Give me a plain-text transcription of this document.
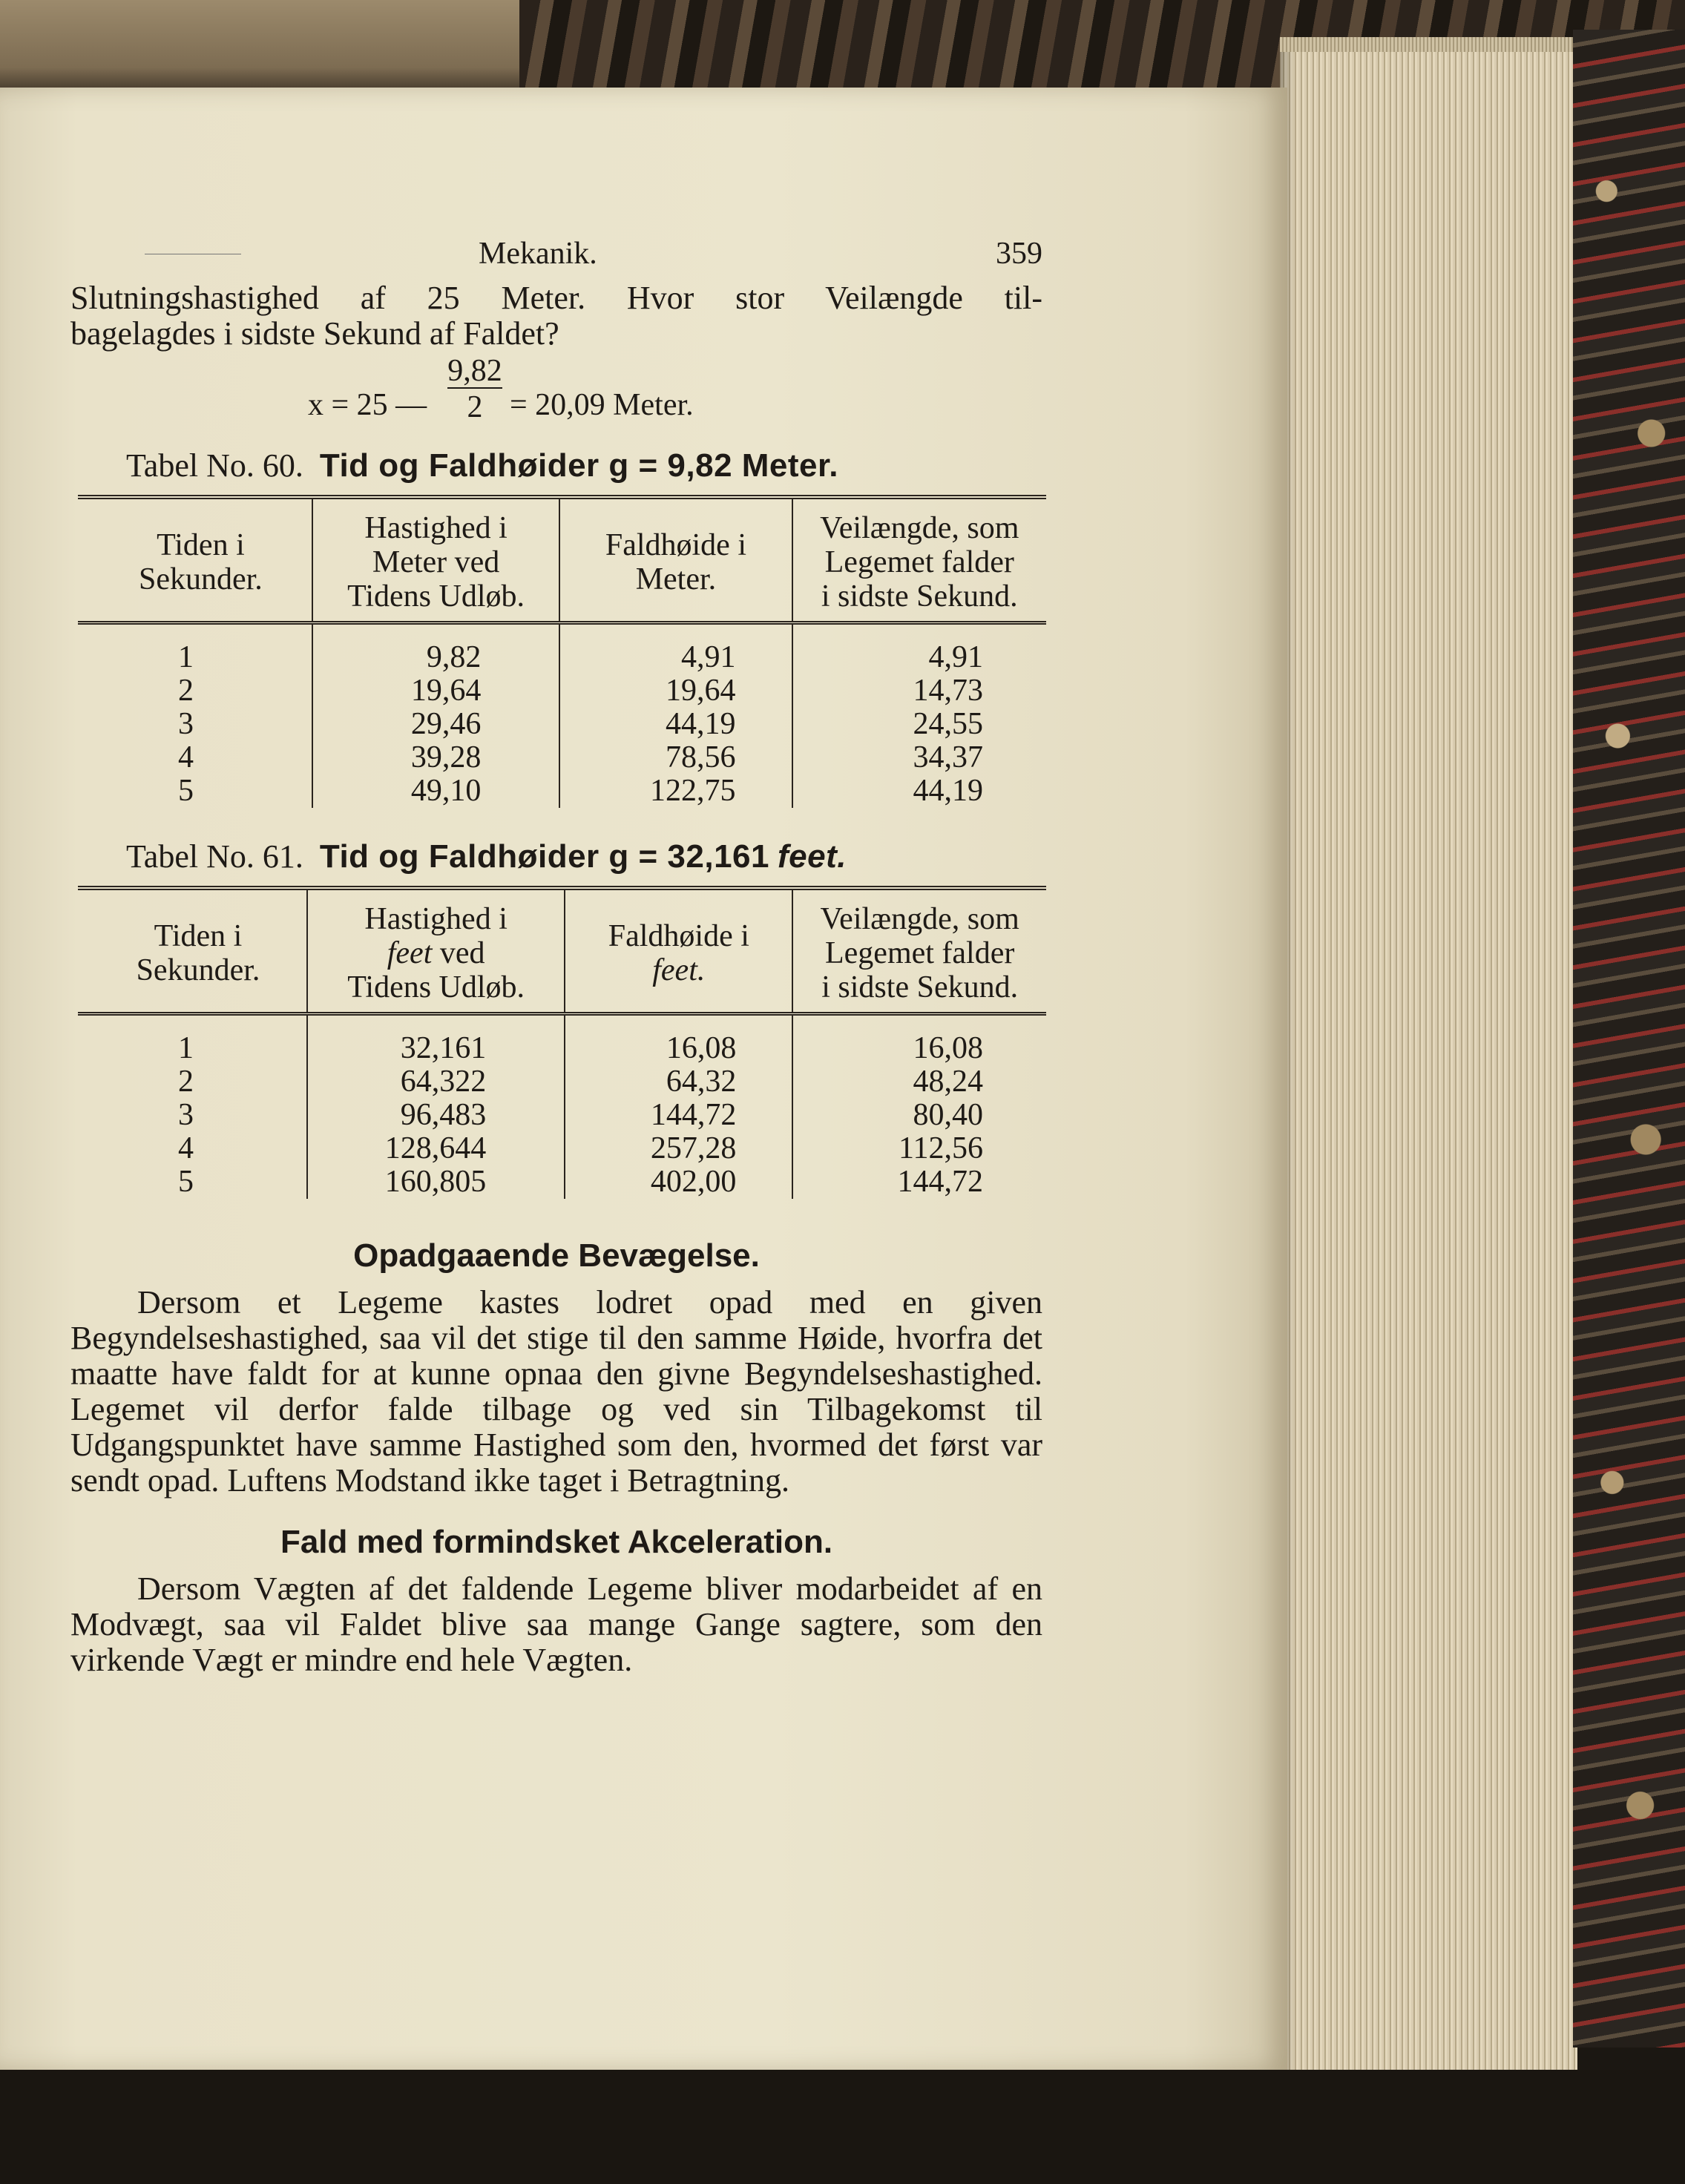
Mekanik.	359

Slutningshastighed af 25 Meter. Hvor stor Veilængde til-

bagelagdes i sidste Sekund af Faldet?

x = 25 — $\frac{9,82}{2} = 20,09$ Meter.
Tabel No. 60. Tid og Faldhøider g = 9,82 Meter.
Tiden i
Sekunder.	Hastighed i
Meter ved
Tidens Udløb.	Faldhøide i
Meter.	Veilængde, som
Legemet falder
i sidste Sekund.
1	9,82	4,91	4,91
2	19,64	19,64	14,73
3	29,46	44,19	24,55
4	39,28	78,56	34,37
5	49,10	122,75	44,19
Tabel No. 61. Tid og Faldhøider g = 32,161 feet.
Tiden i
Sekunder.	Hastighed i
feet ved
Tidens Udløb.	Faldhøide i
feet.	Veilængde, som
Legemet falder
i sidste Sekund.
1	32,161	16,08	16,08
2	64,322	64,32	48,24
3	96,483	144,72	80,40
4	128,644	257,28	112,56
5	160,805	402,00	144,72
Opadgaaende Bevægelse.

Dersom et Legeme kastes lodret opad med en given Begyndelseshastighed, saa vil det stige til den samme Høide, hvorfra det maatte have faldt for at kunne opnaa den givne Begyndelseshastighed. Legemet vil derfor falde tilbage og ved sin Tilbagekomst til Udgangspunktet have samme Hastighed som den, hvormed det først var sendt opad. Luftens Modstand ikke taget i Betragtning.

Fald med formindsket Akceleration.

Dersom Vægten af det faldende Legeme bliver modarbeidet af en Modvægt, saa vil Faldet blive saa mange Gange sagtere, som den virkende Vægt er mindre end hele Vægten.
